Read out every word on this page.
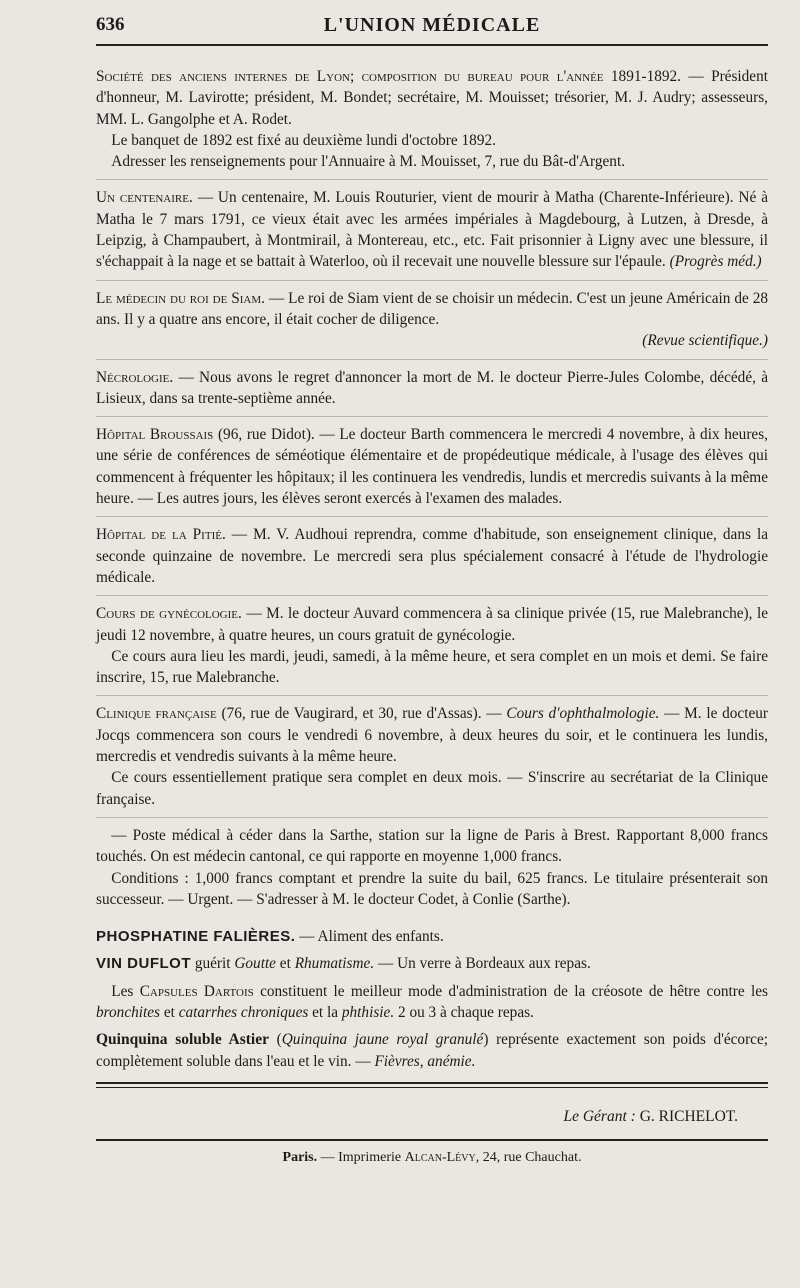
636	L'UNION MÉDICALE

Société des anciens internes de Lyon; composition du bureau pour l'année 1891-1892. — Président d'honneur, M. Lavirotte; président, M. Bondet; secrétaire, M. Mouisset; trésorier, M. J. Audry; assesseurs, MM. L. Gangolphe et A. Rodet.

Le banquet de 1892 est fixé au deuxième lundi d'octobre 1892.

Adresser les renseignements pour l'Annuaire à M. Mouisset, 7, rue du Bât-d'Argent.

Un centenaire. — Un centenaire, M. Louis Routurier, vient de mourir à Matha (Charente-Inférieure). Né à Matha le 7 mars 1791, ce vieux était avec les armées impériales à Magdebourg, à Lutzen, à Dresde, à Leipzig, à Champaubert, à Montmirail, à Montereau, etc., etc. Fait prisonnier à Ligny avec une blessure, il s'échappait à la nage et se battait à Waterloo, où il recevait une nouvelle blessure sur l'épaule. (Progrès méd.)

Le médecin du roi de Siam. — Le roi de Siam vient de se choisir un médecin. C'est un jeune Américain de 28 ans. Il y a quatre ans encore, il était cocher de diligence.
(Revue scientifique.)

Nécrologie. — Nous avons le regret d'annoncer la mort de M. le docteur Pierre-Jules Colombe, décédé, à Lisieux, dans sa trente-septième année.

Hôpital Broussais (96, rue Didot). — Le docteur Barth commencera le mercredi 4 novembre, à dix heures, une série de conférences de séméotique élémentaire et de propédeutique médicale, à l'usage des élèves qui commencent à fréquenter les hôpitaux; il les continuera les vendredis, lundis et mercredis suivants à la même heure. — Les autres jours, les élèves seront exercés à l'examen des malades.

Hôpital de la Pitié. — M. V. Audhoui reprendra, comme d'habitude, son enseignement clinique, dans la seconde quinzaine de novembre. Le mercredi sera plus spécialement consacré à l'étude de l'hydrologie médicale.

Cours de gynécologie. — M. le docteur Auvard commencera à sa clinique privée (15, rue Malebranche), le jeudi 12 novembre, à quatre heures, un cours gratuit de gynécologie.

Ce cours aura lieu les mardi, jeudi, samedi, à la même heure, et sera complet en un mois et demi. Se faire inscrire, 15, rue Malebranche.

Clinique française (76, rue de Vaugirard, et 30, rue d'Assas). — Cours d'ophthalmologie. — M. le docteur Jocqs commencera son cours le vendredi 6 novembre, à deux heures du soir, et le continuera les lundis, mercredis et vendredis suivants à la même heure.

Ce cours essentiellement pratique sera complet en deux mois. — S'inscrire au secrétariat de la Clinique française.

— Poste médical à céder dans la Sarthe, station sur la ligne de Paris à Brest. Rapportant 8,000 francs touchés. On est médecin cantonal, ce qui rapporte en moyenne 1,000 francs.

Conditions : 1,000 francs comptant et prendre la suite du bail, 625 francs. Le titulaire présenterait son successeur. — Urgent. — S'adresser à M. le docteur Codet, à Conlie (Sarthe).

PHOSPHATINE FALIÈRES. — Aliment des enfants.

VIN DUFLOT guérit Goutte et Rhumatisme. — Un verre à Bordeaux aux repas.

Les Capsules Dartois constituent le meilleur mode d'administration de la créosote de hêtre contre les bronchites et catarrhes chroniques et la phthisie. 2 ou 3 à chaque repas.

Quinquina soluble Astier (Quinquina jaune royal granulé) représente exactement son poids d'écorce; complètement soluble dans l'eau et le vin. — Fièvres, anémie.

Le Gérant : G. RICHELOT.
Paris. — Imprimerie Alcan-Lévy, 24, rue Chauchat.
